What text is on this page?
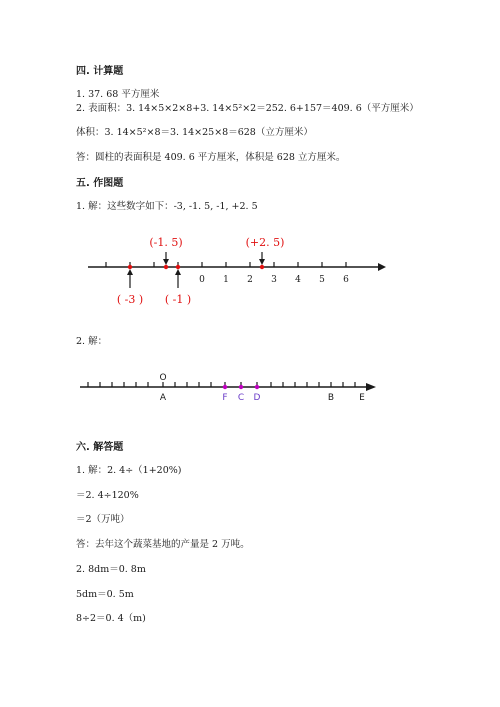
四. 计算题
1. 37. 68 平方厘米
2. 表面积：3. 14×5×2×8+3. 14×5²×2＝252. 6+157＝409. 6（平方厘米）
体积：3. 14×5²×8＝3. 14×25×8＝628（立方厘米）
答：圆柱的表面积是 409. 6 平方厘米，体积是 628 立方厘米。
五. 作图题
1. 解：这些数字如下：-3, -1. 5, -1, +2. 5
0 1 2 3 4 5 6
(-1. 5)	(+2. 5)
( -3 ) ( -1 )
2. 解：
O
A	F C D	B	E
六. 解答题
1. 解：2. 4÷（1+20%)
＝2. 4÷120%
＝2（万吨）
答：去年这个蔬菜基地的产量是 2 万吨。
2. 8dm＝0. 8m
5dm＝0. 5m
8÷2＝0. 4（m)
